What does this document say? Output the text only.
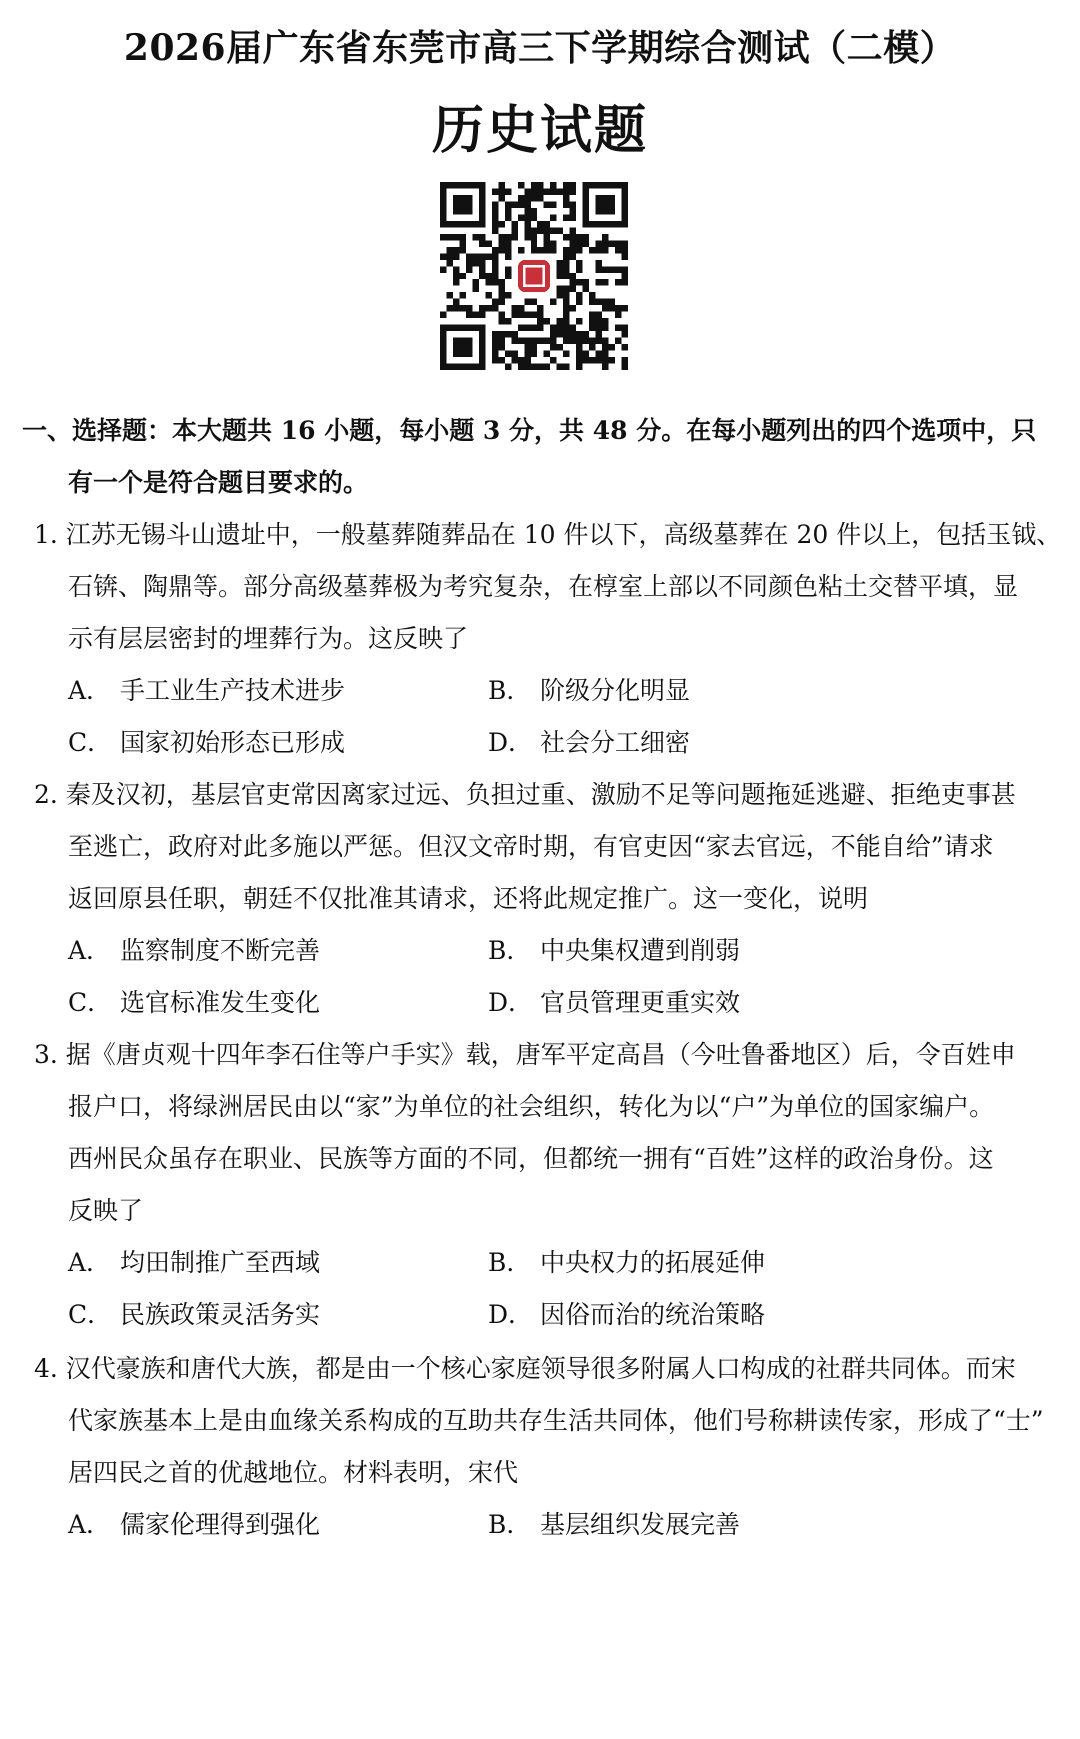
2026届广东省东莞市高三下学期综合测试（二模）
历史试题
一、选择题：本大题共 16 小题，每小题 3 分，共 48 分。在每小题列出的四个选项中，只
有一个是符合题目要求的。
1. 江苏无锡斗山遗址中，一般墓葬随葬品在 10 件以下，高级墓葬在 20 件以上，包括玉钺、
石锛、陶鼎等。部分高级墓葬极为考究复杂，在椁室上部以不同颜色粘土交替平填，显
示有层层密封的埋葬行为。这反映了
A． 手工业生产技术进步	B． 阶级分化明显
C． 国家初始形态已形成	D． 社会分工细密
2. 秦及汉初，基层官吏常因离家过远、负担过重、激励不足等问题拖延逃避、拒绝吏事甚
至逃亡，政府对此多施以严惩。但汉文帝时期，有官吏因“家去官远，不能自给”请求
返回原县任职，朝廷不仅批准其请求，还将此规定推广。这一变化，说明
A． 监察制度不断完善	B． 中央集权遭到削弱
C． 选官标准发生变化	D． 官员管理更重实效
3. 据《唐贞观十四年李石住等户手实》载，唐军平定高昌（今吐鲁番地区）后，令百姓申
报户口，将绿洲居民由以“家”为单位的社会组织，转化为以“户”为单位的国家编户。
西州民众虽存在职业、民族等方面的不同，但都统一拥有“百姓”这样的政治身份。这
反映了
A． 均田制推广至西域	B． 中央权力的拓展延伸
C． 民族政策灵活务实	D． 因俗而治的统治策略
4. 汉代豪族和唐代大族，都是由一个核心家庭领导很多附属人口构成的社群共同体。而宋
代家族基本上是由血缘关系构成的互助共存生活共同体，他们号称耕读传家，形成了“士”
居四民之首的优越地位。材料表明，宋代
A． 儒家伦理得到强化	B． 基层组织发展完善
